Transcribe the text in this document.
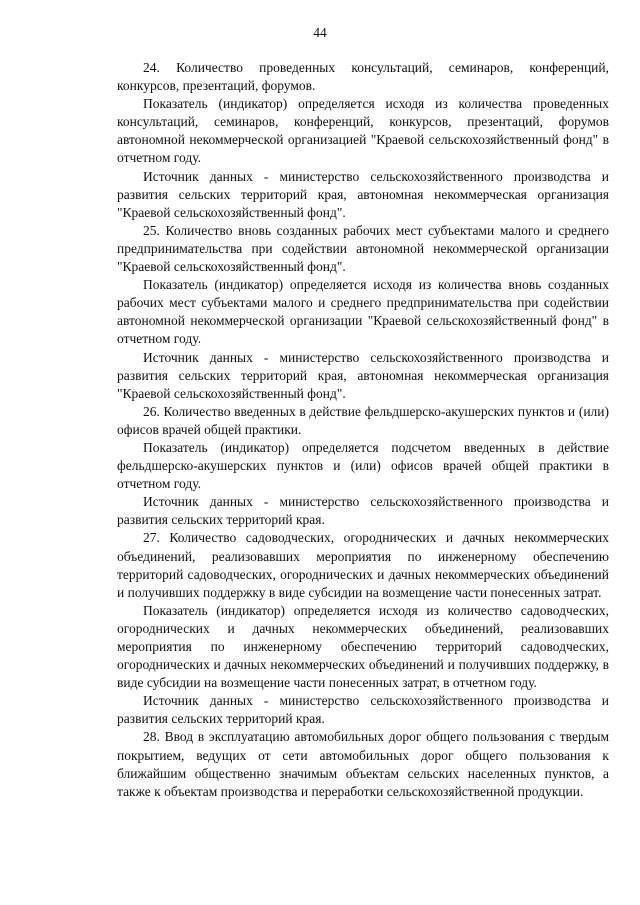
44

24. Количество проведенных консультаций, семинаров, конференций, конкурсов, презентаций, форумов.

Показатель (индикатор) определяется исходя из количества проведенных консультаций, семинаров, конференций, конкурсов, презентаций, форумов автономной некоммерческой организацией "Краевой сельскохозяйственный фонд" в отчетном году.

Источник данных - министерство сельскохозяйственного производства и развития сельских территорий края, автономная некоммерческая организация "Краевой сельскохозяйственный фонд".

25. Количество вновь созданных рабочих мест субъектами малого и среднего предпринимательства при содействии автономной некоммерческой организации "Краевой сельскохозяйственный фонд".

Показатель (индикатор) определяется исходя из количества вновь созданных рабочих мест субъектами малого и среднего предпринимательства при содействии автономной некоммерческой организации "Краевой сельскохозяйственный фонд" в отчетном году.

Источник данных - министерство сельскохозяйственного производства и развития сельских территорий края, автономная некоммерческая организация "Краевой сельскохозяйственный фонд".

26. Количество введенных в действие фельдшерско-акушерских пунктов и (или) офисов врачей общей практики.

Показатель (индикатор) определяется подсчетом введенных в действие фельдшерско-акушерских пунктов и (или) офисов врачей общей практики в отчетном году.

Источник данных - министерство сельскохозяйственного производства и развития сельских территорий края.

27. Количество садоводческих, огороднических и дачных некоммерческих объединений, реализовавших мероприятия по инженерному обеспечению территорий садоводческих, огороднических и дачных некоммерческих объединений и получивших поддержку в виде субсидии на возмещение части понесенных затрат.

Показатель (индикатор) определяется исходя из количество садоводческих, огороднических и дачных некоммерческих объединений, реализовавших мероприятия по инженерному обеспечению территорий садоводческих, огороднических и дачных некоммерческих объединений и получивших поддержку, в виде субсидии на возмещение части понесенных затрат, в отчетном году.

Источник данных - министерство сельскохозяйственного производства и развития сельских территорий края.

28. Ввод в эксплуатацию автомобильных дорог общего пользования с твердым покрытием, ведущих от сети автомобильных дорог общего пользования к ближайшим общественно значимым объектам сельских населенных пунктов, а также к объектам производства и переработки сельскохозяйственной продукции.
